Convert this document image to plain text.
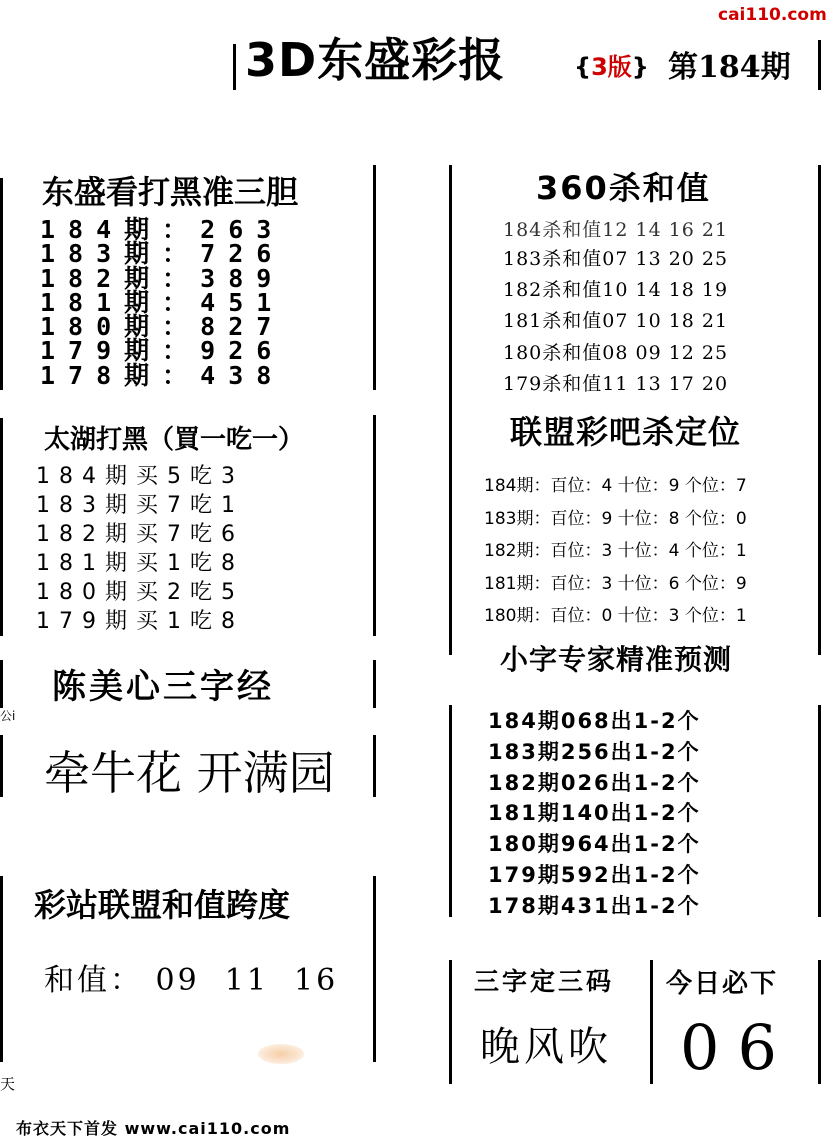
cai110.com
3D东盛彩报	{3版} 第184期
东盛看打黑准三胆
184期：263
183期：726
182期：389
181期：451
180期：827
179期：926
178期：438
太湖打黑（買一吃一）
184期买5吃3
183期买7吃1
182期买7吃6
181期买1吃8
180期买2吃5
179期买1吃8
公i
陈美心三字经
牵牛花 开满园
彩站联盟和值跨度
和值： 09  11  16
天
360杀和值
184杀和值12 14 16 21
183杀和值07 13 20 25
182杀和值10 14 18 19
181杀和值07 10 18 21
180杀和值08 09 12 25
179杀和值11 13 17 20
联盟彩吧杀定位
184期：百位：4 十位：9 个位：7
183期：百位：9 十位：8 个位：0
182期：百位：3 十位：4 个位：1
181期：百位：3 十位：6 个位：9
180期：百位：0 十位：3 个位：1
小字专家精准预测
184期068出1-2个
183期256出1-2个
182期026出1-2个
181期140出1-2个
180期964出1-2个
179期592出1-2个
178期431出1-2个
三字定三码
晚风吹
今日必下
06
布衣天下首发 www.cai110.com
